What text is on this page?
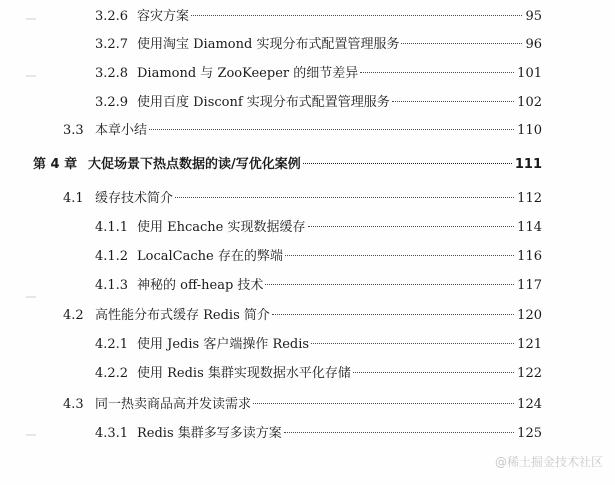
3.2.6 容灾方案	95
3.2.7 使用淘宝 Diamond 实现分布式配置管理服务	96
3.2.8 Diamond 与 ZooKeeper 的细节差异	101
3.2.9 使用百度 Disconf 实现分布式配置管理服务	102
3.3 本章小结	110
第 4 章 大促场景下热点数据的读/写优化案例	111
4.1 缓存技术简介	112
4.1.1 使用 Ehcache 实现数据缓存	114
4.1.2 LocalCache 存在的弊端	116
4.1.3 神秘的 off-heap 技术	117
4.2 高性能分布式缓存 Redis 简介	120
4.2.1 使用 Jedis 客户端操作 Redis	121
4.2.2 使用 Redis 集群实现数据水平化存储	122
4.3 同一热卖商品高并发读需求	124
4.3.1 Redis 集群多写多读方案	125
@稀土掘金技术社区
